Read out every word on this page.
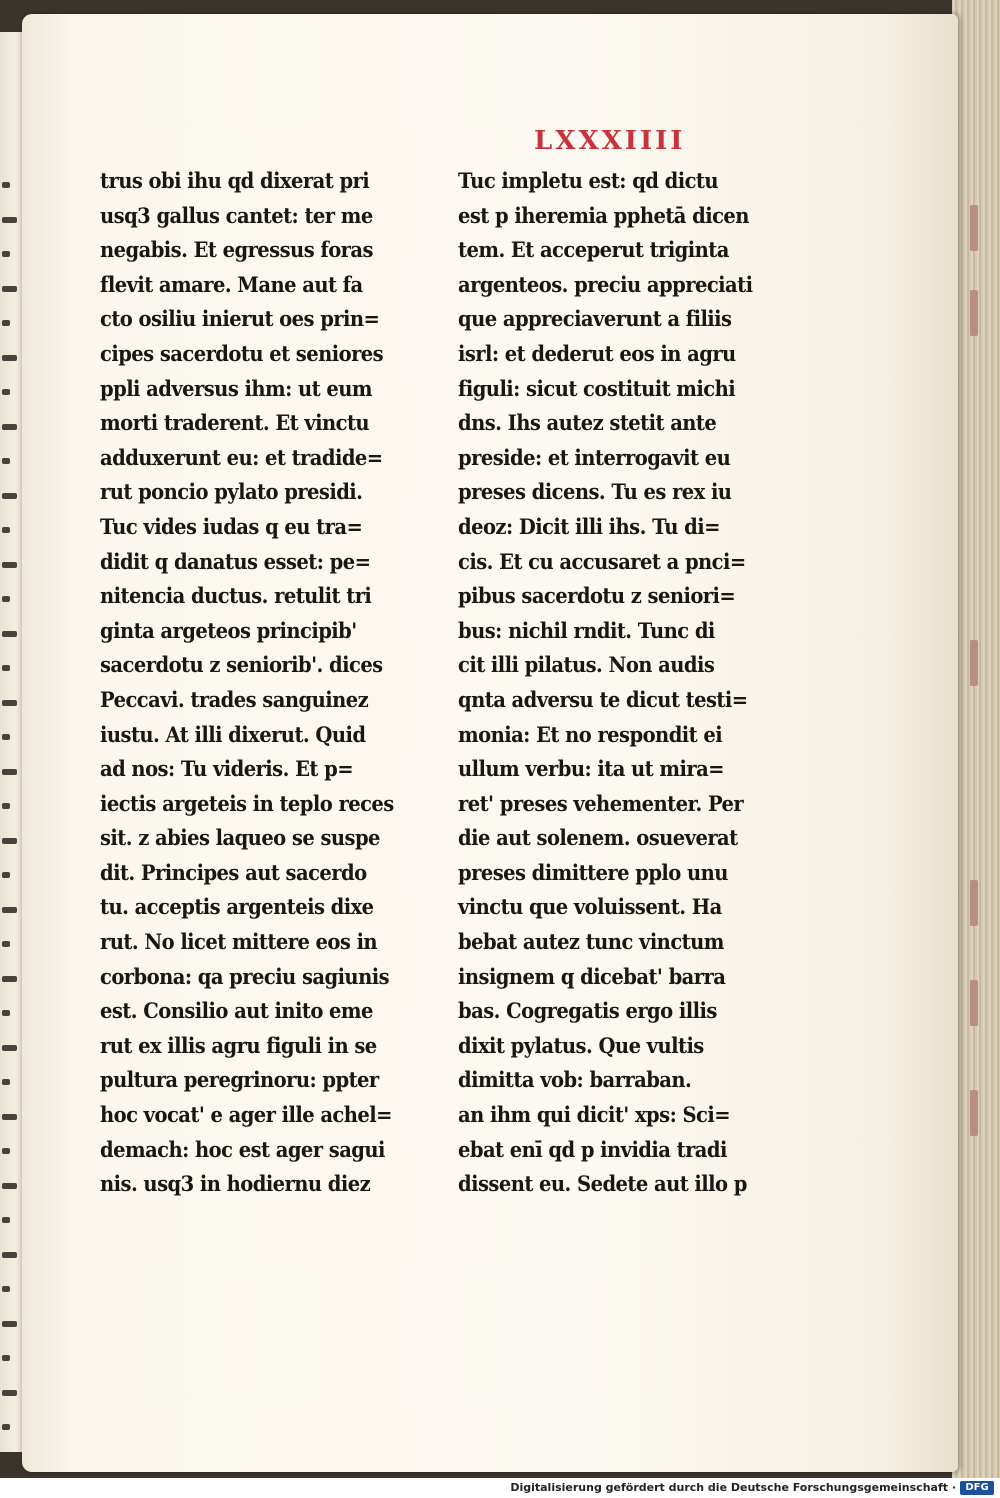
LXXXIIII
trus obi ihu qd dixerat pri
usq3 gallus cantet: ter me
negabis. Et egressus foras
flevit amare. Mane aut fa
cto osiliu inierut oes prin=
cipes sacerdotu et seniores
ppli adversus ihm: ut eum
morti traderent. Et vinctu
adduxerunt eu: et tradide=
rut poncio pylato presidi.
Tuc vides iudas q eu tra=
didit q danatus esset: pe=
nitencia ductus. retulit tri
ginta argeteos principib'
sacerdotu z seniorib'. dices
Peccavi. trades sanguinez
iustu. At illi dixerut. Quid
ad nos: Tu videris. Et p=
iectis argeteis in teplo reces
sit. z abies laqueo se suspe
dit. Principes aut sacerdo
tu. acceptis argenteis dixe
rut. No licet mittere eos in
corbona: qa preciu sagiunis
est. Consilio aut inito eme
rut ex illis agru figuli in se
pultura peregrinoru: ppter
hoc vocat' e ager ille achel=
demach: hoc est ager sagui
nis. usq3 in hodiernu diez
Tuc impletu est: qd dictu
est p iheremia pphetā dicen
tem. Et acceperut triginta
argenteos. preciu appreciati
que appreciaverunt a filiis
isrl: et dederut eos in agru
figuli: sicut costituit michi
dns. Ihs autez stetit ante
preside: et interrogavit eu
preses dicens. Tu es rex iu
deoz: Dicit illi ihs. Tu di=
cis. Et cu accusaret a pnci=
pibus sacerdotu z seniori=
bus: nichil rndit. Tunc di
cit illi pilatus. Non audis
qnta adversu te dicut testi=
monia: Et no respondit ei
ullum verbu: ita ut mira=
ret' preses vehementer. Per
die aut solenem. osueverat
preses dimittere pplo unu
vinctu que voluissent. Ha
bebat autez tunc vinctum
insignem q dicebat' barra
bas. Cogregatis ergo illis
dixit pylatus. Que vultis
dimitta vob: barraban.
an ihm qui dicit' xps: Sci=
ebat enī qd p invidia tradi
dissent eu. Sedete aut illo p
Digitalisierung gefördert durch die Deutsche Forschungsgemeinschaft · DFG
